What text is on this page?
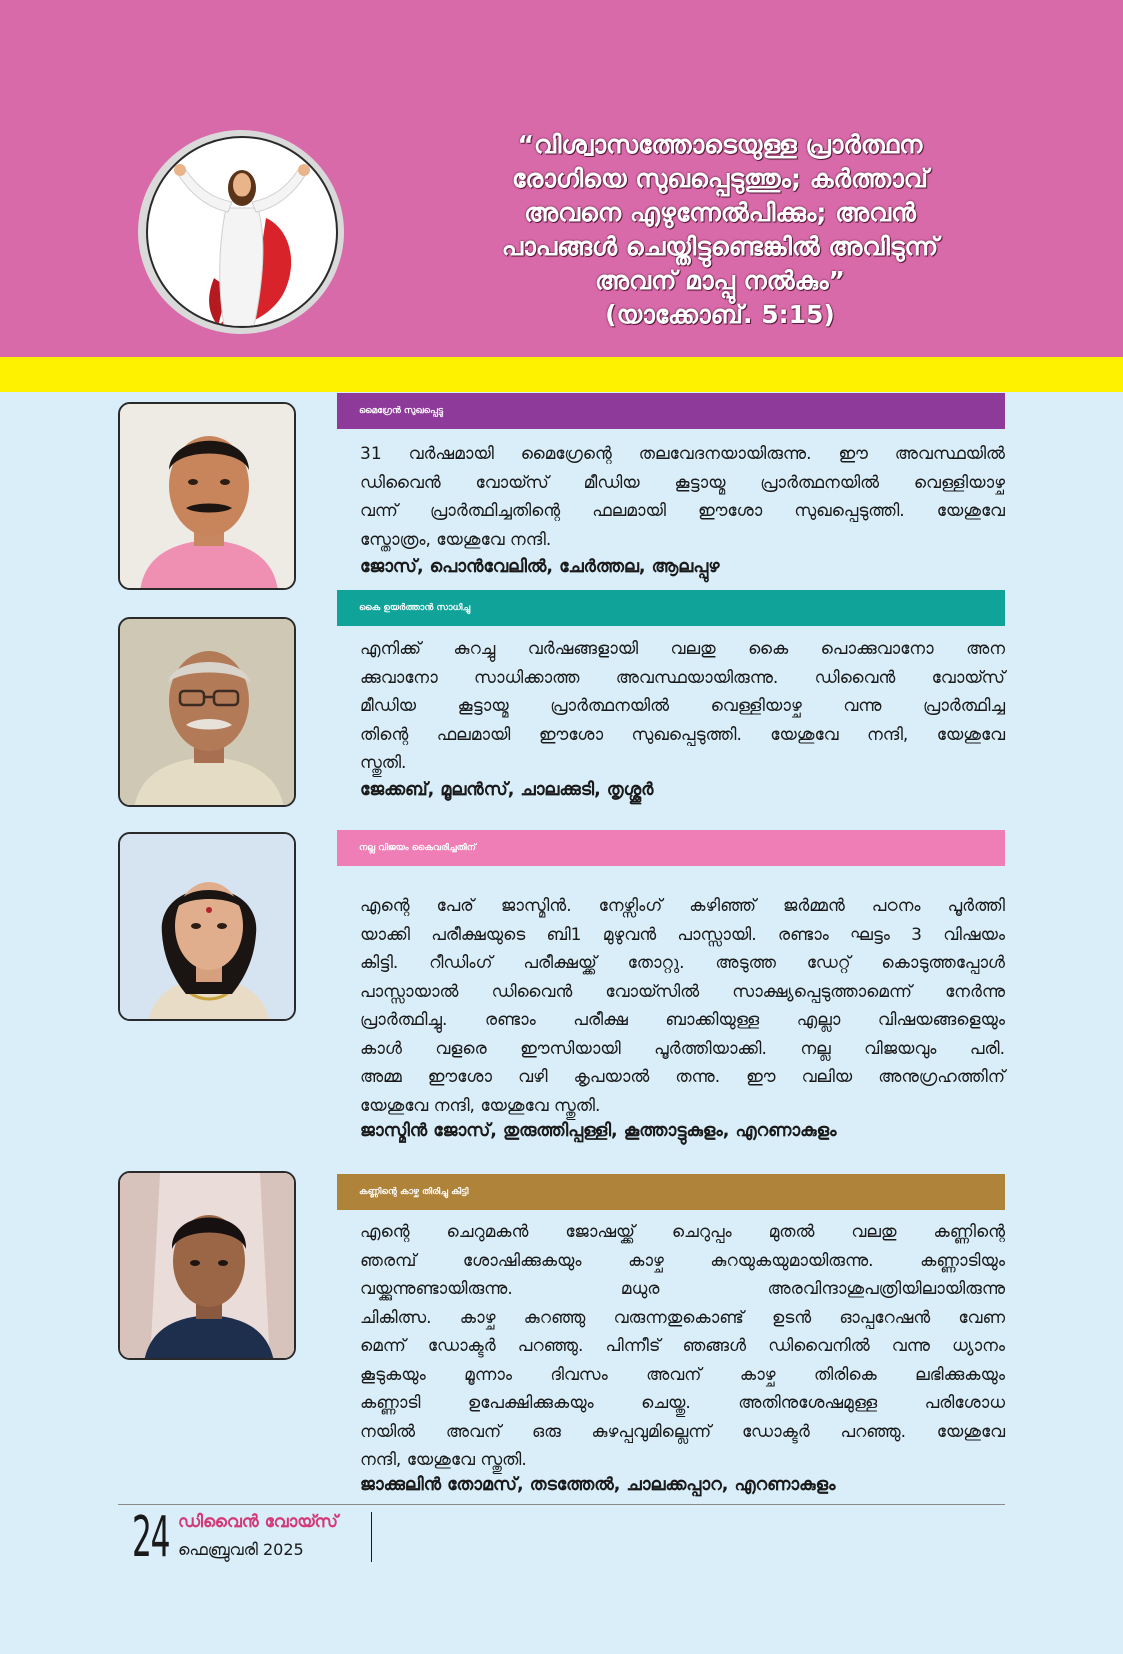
“വിശ്വാസത്തോടെയുള്ള പ്രാർത്ഥന
രോഗിയെ സുഖപ്പെടുത്തും; കർത്താവ്
അവനെ എഴുന്നേൽപിക്കും; അവൻ
പാപങ്ങൾ ചെയ്തിട്ടുണ്ടെങ്കിൽ അവിടുന്ന്
അവന് മാപ്പു നൽകും”
(യാക്കോബ്. 5:15)
മൈഗ്രേൻ സുഖപ്പെട്ടു
31 വർഷമായി മൈഗ്രേന്റെ തലവേദനയായിരുന്നു. ഈ അവസ്ഥയിൽ
ഡിവൈൻ വോയ്സ് മീഡിയ കൂട്ടായ്മ പ്രാർത്ഥനയിൽ വെള്ളിയാഴ്ച
വന്ന് പ്രാർത്ഥിച്ചതിന്റെ ഫലമായി ഈശോ സുഖപ്പെടുത്തി. യേശുവേ
സ്തോത്രം, യേശുവേ നന്ദി.
ജോസ്, പൊൻവേലിൽ, ചേർത്തല, ആലപ്പുഴ
കൈ ഉയർത്താൻ സാധിച്ചു
എനിക്ക് കുറച്ചു വർഷങ്ങളായി വലതു കൈ പൊക്കുവാനോ അന
ക്കുവാനോ സാധിക്കാത്ത അവസ്ഥയായിരുന്നു. ഡിവൈൻ വോയ്സ്
മീഡിയ കൂട്ടായ്മ പ്രാർത്ഥനയിൽ വെള്ളിയാഴ്ച വന്നു പ്രാർത്ഥിച്ച
തിന്റെ ഫലമായി ഈശോ സുഖപ്പെടുത്തി. യേശുവേ നന്ദി, യേശുവേ
സ്തുതി.
ജേക്കബ്, മൂലൻസ്, ചാലക്കുടി, തൃശ്ശൂർ
നല്ല വിജയം കൈവരിച്ചതിന്
എന്റെ പേര് ജാസ്മിൻ. നേഴ്സിംഗ് കഴിഞ്ഞ് ജർമ്മൻ പഠനം പൂർത്തി
യാക്കി പരീക്ഷയുടെ ബി1 മുഴുവൻ പാസ്സായി. രണ്ടാം ഘട്ടം 3 വിഷയം
കിട്ടി. റീഡിംഗ് പരീക്ഷയ്ക്ക് തോറ്റു. അടുത്ത ഡേറ്റ് കൊടുത്തപ്പോൾ
പാസ്സായാൽ ഡിവൈൻ വോയ്സിൽ സാക്ഷ്യപ്പെടുത്താമെന്ന് നേർന്നു
പ്രാർത്ഥിച്ചു. രണ്ടാം പരീക്ഷ ബാക്കിയുള്ള എല്ലാ വിഷയങ്ങളെയും
കാൾ വളരെ ഈസിയായി പൂർത്തിയാക്കി. നല്ല വിജയവും പരി.
അമ്മ ഈശോ വഴി കൃപയാൽ തന്നു. ഈ വലിയ അനുഗ്രഹത്തിന്
യേശുവേ നന്ദി, യേശുവേ സ്തുതി.
ജാസ്മിൻ ജോസ്, തുരുത്തിപ്പള്ളി, കൂത്താട്ടുകുളം, എറണാകുളം
കണ്ണിന്റെ കാഴ്ച തിരിച്ചു കിട്ടി
എന്റെ ചെറുമകൻ ജോഷയ്ക്ക് ചെറുപ്പം മുതൽ വലതു കണ്ണിന്റെ
ഞരമ്പ് ശോഷിക്കുകയും കാഴ്ച കുറയുകയുമായിരുന്നു. കണ്ണാടിയും
വയ്ക്കുന്നുണ്ടായിരുന്നു. മധുര അരവിന്ദാശുപത്രിയിലായിരുന്നു
ചികിത്സ. കാഴ്ച കുറഞ്ഞു വരുന്നതുകൊണ്ട് ഉടൻ ഓപ്പറേഷൻ വേണ
മെന്ന് ഡോക്ടർ പറഞ്ഞു. പിന്നീട് ഞങ്ങൾ ഡിവൈനിൽ വന്നു ധ്യാനം
കൂടുകയും മൂന്നാം ദിവസം അവന് കാഴ്ച തിരികെ ലഭിക്കുകയും
കണ്ണാടി ഉപേക്ഷിക്കുകയും ചെയ്തു. അതിനുശേഷമുള്ള പരിശോധ
നയിൽ അവന് ഒരു കുഴപ്പവുമില്ലെന്ന് ഡോക്ടർ പറഞ്ഞു. യേശുവേ
നന്ദി, യേശുവേ സ്തുതി.
ജാക്കുലിൻ തോമസ്, തടത്തേൽ, ചാലക്കപ്പാറ, എറണാകുളം
24 ഡിവൈൻ വോയ്സ്
ഫെബ്രുവരി 2025
